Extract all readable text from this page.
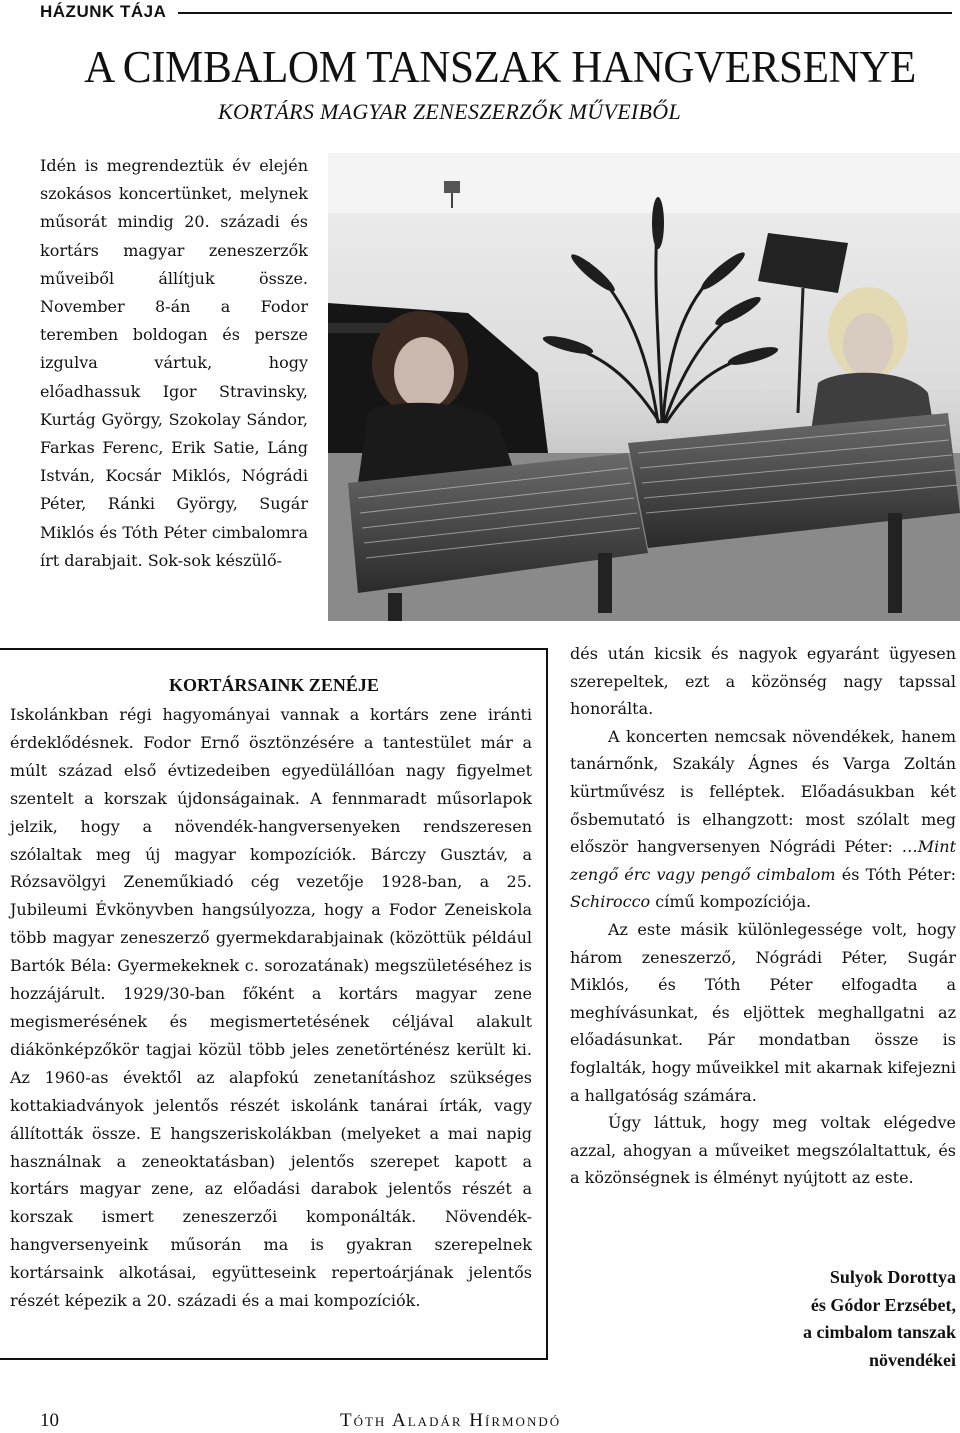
HÁZUNK TÁJA
A CIMBALOM TANSZAK HANGVERSENYE
KORTÁRS MAGYAR ZENESZERZŐK MŰVEIBŐL

Idén is megrendeztük év elején szokásos koncertünket, melynek műsorát mindig 20. századi és kortárs magyar zeneszerzők műveiből állítjuk össze. November 8-án a Fodor teremben boldogan és persze izgulva vártuk, hogy előadhassuk Igor Stravinsky, Kurtág György, Szokolay Sándor, Farkas Ferenc, Erik Satie, Láng István, Kocsár Miklós, Nógrádi Péter, Ránki György, Sugár Miklós és Tóth Péter cimbalomra írt darabjait. Sok-sok készülő-

KORTÁRSAINK ZENÉJE

Iskolánkban régi hagyományai vannak a kortárs zene iránti érdeklődésnek. Fodor Ernő ösztönzésére a tantestület már a múlt század első évtizedeiben egyedülállóan nagy figyelmet szentelt a korszak újdonságainak. A fennmaradt műsorlapok jelzik, hogy a növendék-hangversenyeken rendszeresen szólaltak meg új magyar kompozíciók. Bárczy Gusztáv, a Rózsavölgyi Zeneműkiadó cég vezetője 1928-ban, a 25. Jubileumi Évkönyvben hangsúlyozza, hogy a Fodor Zeneiskola több magyar zeneszerző gyermekdarabjainak (közöttük például Bartók Béla: Gyermekeknek c. sorozatának) megszületéséhez is hozzájárult. 1929/30-ban főként a kortárs magyar zene megismerésének és megismertetésének céljával alakult diákönképzőkör tagjai közül több jeles zenetörténész került ki. Az 1960-as évektől az alapfokú zenetanításhoz szükséges kottakiadványok jelentős részét iskolánk tanárai írták, vagy állították össze. E hangszeriskolákban (melyeket a mai napig használnak a zeneoktatásban) jelentős szerepet kapott a kortárs magyar zene, az előadási darabok jelentős részét a korszak ismert zeneszerzői komponálták. Növendék-hangversenyeink műsorán ma is gyakran szerepelnek kortársaink alkotásai, együtteseink repertoárjának jelentős részét képezik a 20. századi és a mai kompozíciók.

dés után kicsik és nagyok egyaránt ügyesen szerepeltek, ezt a közönség nagy tapssal honorálta.

A koncerten nemcsak növendékek, hanem tanárnőnk, Szakály Ágnes és Varga Zoltán kürtművész is felléptek. Előadásukban két ősbemutató is elhangzott: most szólalt meg először hangversenyen Nógrádi Péter: …Mint zengő érc vagy pengő cimbalom és Tóth Péter: Schirocco című kompozíciója.

Az este másik különlegessége volt, hogy három zeneszerző, Nógrádi Péter, Sugár Miklós, és Tóth Péter elfogadta a meghívásunkat, és eljöttek meghallgatni az előadásunkat. Pár mondatban össze is foglalták, hogy műveikkel mit akarnak kifejezni a hallgatóság számára.

Úgy láttuk, hogy meg voltak elégedve azzal, ahogyan a műveiket megszólaltattuk, és a közönségnek is élményt nyújtott az este.

Sulyok Dorottya
és Gódor Erzsébet,
a cimbalom tanszak
növendékei
10	Tóth Aladár Hírmondó
